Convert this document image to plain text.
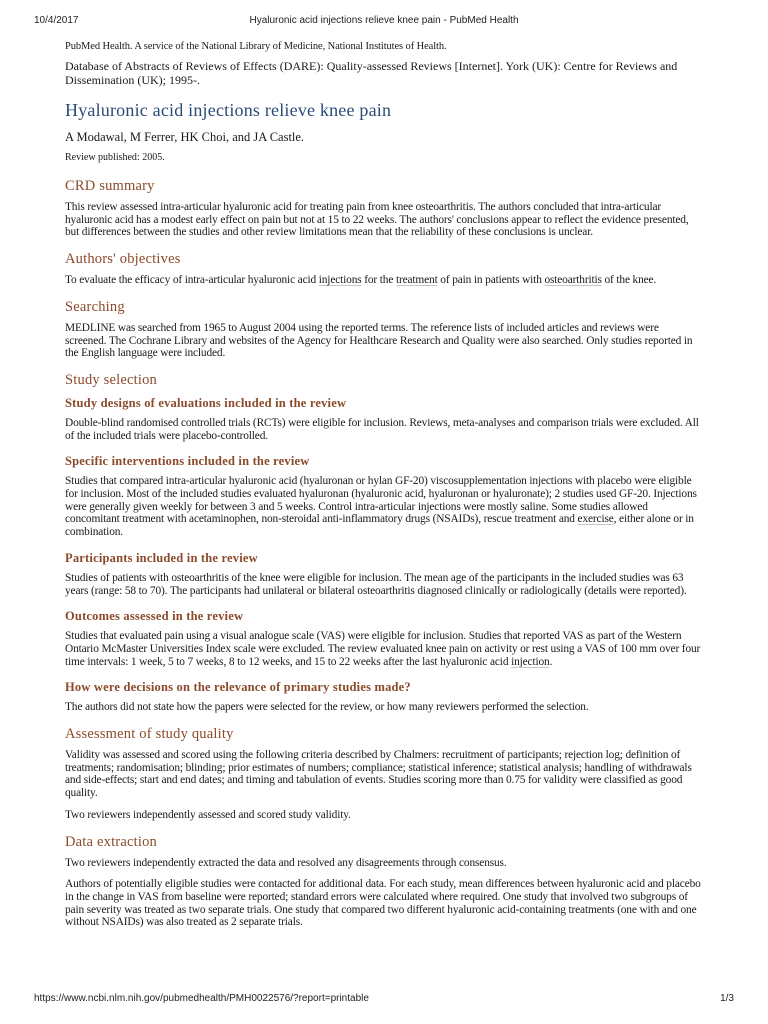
10/4/2017	Hyaluronic acid injections relieve knee pain - PubMed Health
PubMed Health. A service of the National Library of Medicine, National Institutes of Health.
Database of Abstracts of Reviews of Effects (DARE): Quality-assessed Reviews [Internet]. York (UK): Centre for Reviews and Dissemination (UK); 1995-.
Hyaluronic acid injections relieve knee pain
A Modawal, M Ferrer, HK Choi, and JA Castle.
Review published: 2005.
CRD summary

This review assessed intra-articular hyaluronic acid for treating pain from knee osteoarthritis. The authors concluded that intra-articular hyaluronic acid has a modest early effect on pain but not at 15 to 22 weeks. The authors' conclusions appear to reflect the evidence presented, but differences between the studies and other review limitations mean that the reliability of these conclusions is unclear.

Authors' objectives

To evaluate the efficacy of intra-articular hyaluronic acid injections for the treatment of pain in patients with osteoarthritis of the knee.

Searching

MEDLINE was searched from 1965 to August 2004 using the reported terms. The reference lists of included articles and reviews were screened. The Cochrane Library and websites of the Agency for Healthcare Research and Quality were also searched. Only studies reported in the English language were included.

Study selection
Study designs of evaluations included in the review

Double-blind randomised controlled trials (RCTs) were eligible for inclusion. Reviews, meta-analyses and comparison trials were excluded. All of the included trials were placebo-controlled.

Specific interventions included in the review

Studies that compared intra-articular hyaluronic acid (hyaluronan or hylan GF-20) viscosupplementation injections with placebo were eligible for inclusion. Most of the included studies evaluated hyaluronan (hyaluronic acid, hyaluronan or hyaluronate); 2 studies used GF-20. Injections were generally given weekly for between 3 and 5 weeks. Control intra-articular injections were mostly saline. Some studies allowed concomitant treatment with acetaminophen, non-steroidal anti-inflammatory drugs (NSAIDs), rescue treatment and exercise, either alone or in combination.

Participants included in the review

Studies of patients with osteoarthritis of the knee were eligible for inclusion. The mean age of the participants in the included studies was 63 years (range: 58 to 70). The participants had unilateral or bilateral osteoarthritis diagnosed clinically or radiologically (details were reported).

Outcomes assessed in the review

Studies that evaluated pain using a visual analogue scale (VAS) were eligible for inclusion. Studies that reported VAS as part of the Western Ontario McMaster Universities Index scale were excluded. The review evaluated knee pain on activity or rest using a VAS of 100 mm over four time intervals: 1 week, 5 to 7 weeks, 8 to 12 weeks, and 15 to 22 weeks after the last hyaluronic acid injection.

How were decisions on the relevance of primary studies made?

The authors did not state how the papers were selected for the review, or how many reviewers performed the selection.

Assessment of study quality

Validity was assessed and scored using the following criteria described by Chalmers: recruitment of participants; rejection log; definition of treatments; randomisation; blinding; prior estimates of numbers; compliance; statistical inference; statistical analysis; handling of withdrawals and side-effects; start and end dates; and timing and tabulation of events. Studies scoring more than 0.75 for validity were classified as good quality.

Two reviewers independently assessed and scored study validity.

Data extraction

Two reviewers independently extracted the data and resolved any disagreements through consensus.

Authors of potentially eligible studies were contacted for additional data. For each study, mean differences between hyaluronic acid and placebo in the change in VAS from baseline were reported; standard errors were calculated where required. One study that involved two subgroups of pain severity was treated as two separate trials. One study that compared two different hyaluronic acid-containing treatments (one with and one without NSAIDs) was also treated as 2 separate trials.

https://www.ncbi.nlm.nih.gov/pubmedhealth/PMH0022576/?report=printable	1/3
